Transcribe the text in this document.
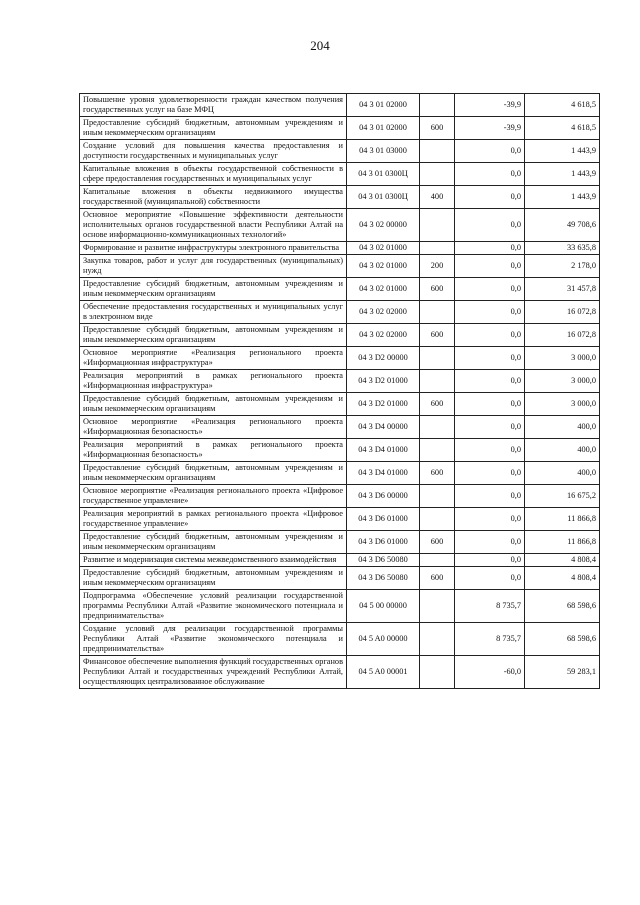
204
Повышение уровня удовлетворенности граждан качеством получения государственных услуг на базе МФЦ	04 3 01 02000		-39,9	4 618,5
Предоставление субсидий бюджетным, автономным учреждениям и иным некоммерческим организациям	04 3 01 02000	600	-39,9	4 618,5
Создание условий для повышения качества предоставления и доступности государственных и муниципальных услуг	04 3 01 03000		0,0	1 443,9
Капитальные вложения в объекты государственной собственности в сфере предоставления государственных и муниципальных услуг	04 3 01 0300Ц		0,0	1 443,9
Капитальные вложения в объекты недвижимого имущества государственной (муниципальной) собственности	04 3 01 0300Ц	400	0,0	1 443,9
Основное мероприятие «Повышение эффективности деятельности исполнительных органов государственной власти Республики Алтай на основе информационно-коммуникационных технологий»	04 3 02 00000		0,0	49 708,6
Формирование и развитие инфраструктуры электронного правительства	04 3 02 01000		0,0	33 635,8
Закупка товаров, работ и услуг для государственных (муниципальных) нужд	04 3 02 01000	200	0,0	2 178,0
Предоставление субсидий бюджетным, автономным учреждениям и иным некоммерческим организациям	04 3 02 01000	600	0,0	31 457,8
Обеспечение предоставления государственных и муниципальных услуг в электронном виде	04 3 02 02000		0,0	16 072,8
Предоставление субсидий бюджетным, автономным учреждениям и иным некоммерческим организациям	04 3 02 02000	600	0,0	16 072,8
Основное мероприятие «Реализация регионального проекта «Информационная инфраструктура»	04 3 D2 00000		0,0	3 000,0
Реализация мероприятий в рамках регионального проекта «Информационная инфраструктура»	04 3 D2 01000		0,0	3 000,0
Предоставление субсидий бюджетным, автономным учреждениям и иным некоммерческим организациям	04 3 D2 01000	600	0,0	3 000,0
Основное мероприятие «Реализация регионального проекта «Информационная безопасность»	04 3 D4 00000		0,0	400,0
Реализация мероприятий в рамках регионального проекта «Информационная безопасность»	04 3 D4 01000		0,0	400,0
Предоставление субсидий бюджетным, автономным учреждениям и иным некоммерческим организациям	04 3 D4 01000	600	0,0	400,0
Основное мероприятие «Реализация регионального проекта «Цифровое государственное управление»	04 3 D6 00000		0,0	16 675,2
Реализация мероприятий в рамках регионального проекта «Цифровое государственное управление»	04 3 D6 01000		0,0	11 866,8
Предоставление субсидий бюджетным, автономным учреждениям и иным некоммерческим организациям	04 3 D6 01000	600	0,0	11 866,8
Развитие и модернизация системы межведомственного взаимодействия	04 3 D6 50080		0,0	4 808,4
Предоставление субсидий бюджетным, автономным учреждениям и иным некоммерческим организациям	04 3 D6 50080	600	0,0	4 808,4
Подпрограмма «Обеспечение условий реализации государственной программы Республики Алтай «Развитие экономического потенциала и предпринимательства»	04 5 00 00000		8 735,7	68 598,6
Создание условий для реализации государственной программы Республики Алтай «Развитие экономического потенциала и предпринимательства»	04 5 A0 00000		8 735,7	68 598,6
Финансовое обеспечение выполнения функций государственных органов Республики Алтай и государственных учреждений Республики Алтай, осуществляющих централизованное обслуживание	04 5 A0 00001		-60,0	59 283,1
